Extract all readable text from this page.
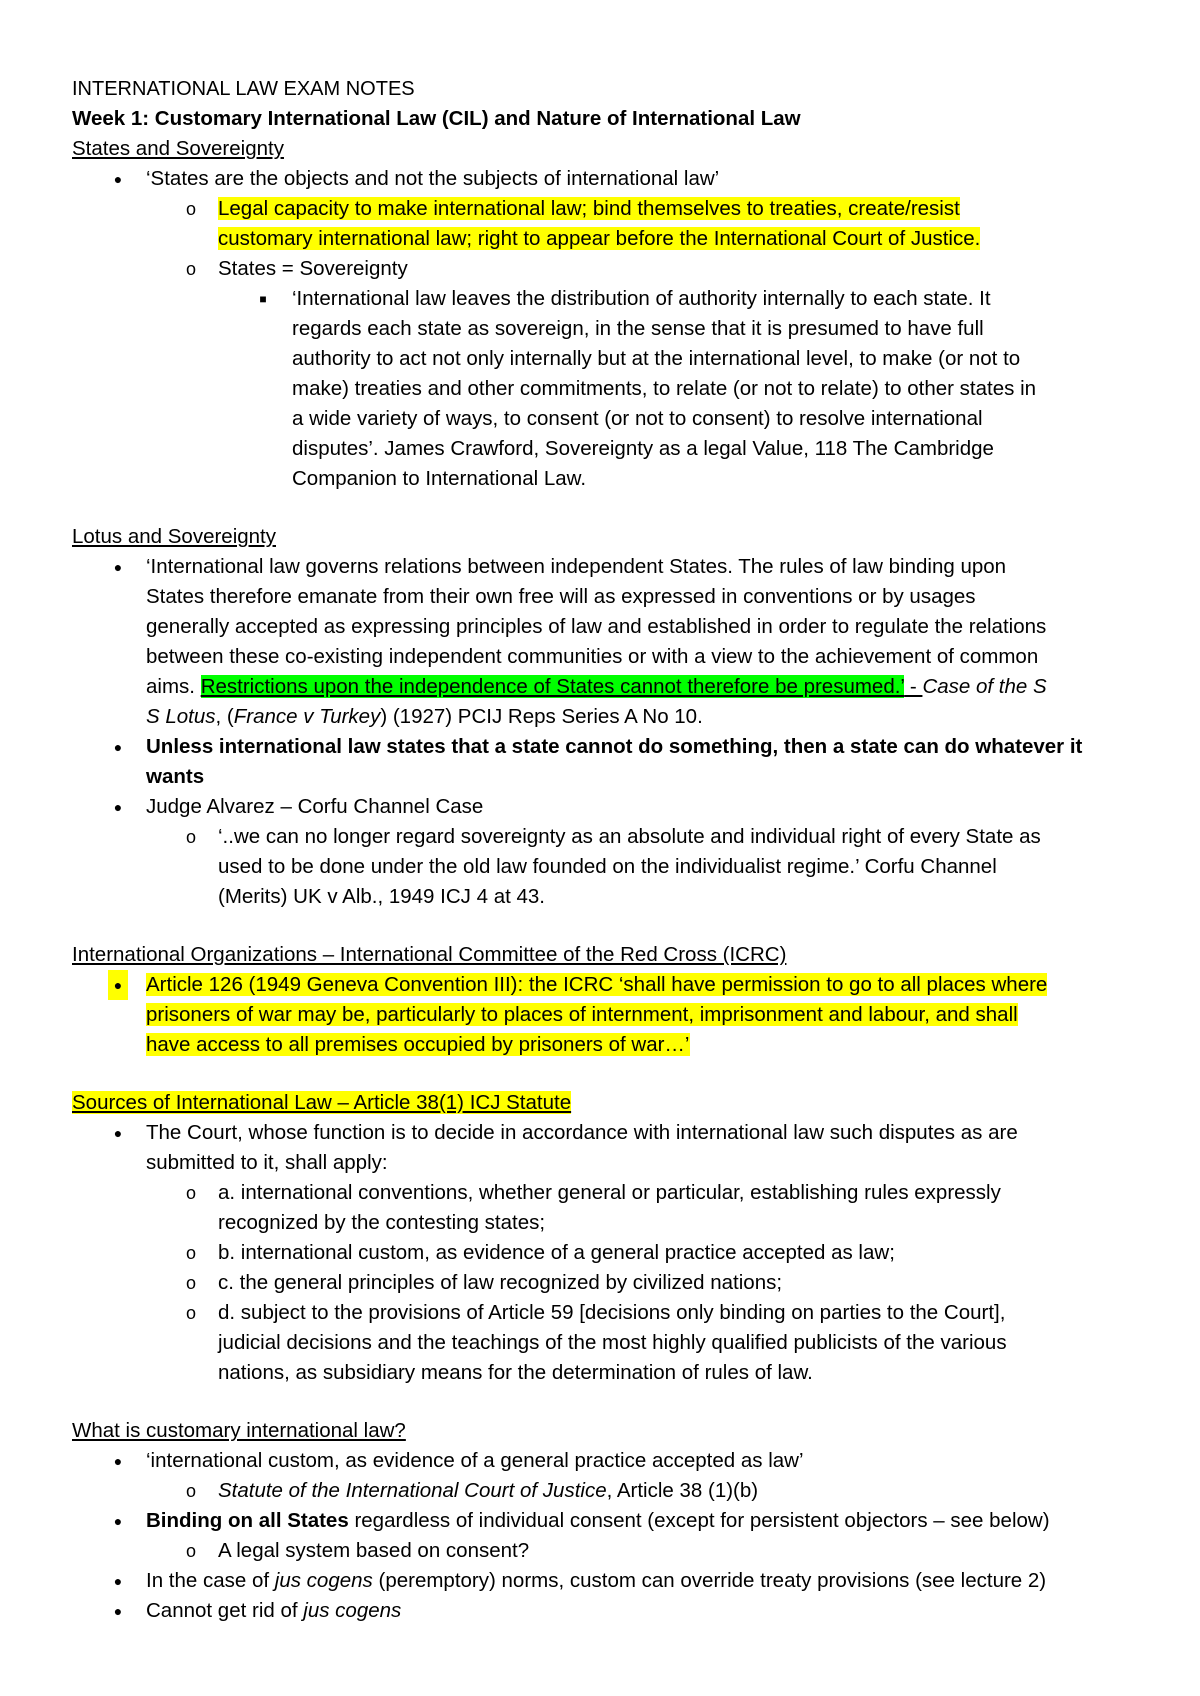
INTERNATIONAL LAW EXAM NOTES
Week 1: Customary International Law (CIL) and Nature of International Law
States and Sovereignty
● ‘States are the objects and not the subjects of international law’
o Legal capacity to make international law; bind themselves to treaties, create/resist
customary international law; right to appear before the International Court of Justice.
o States = Sovereignty
■	‘International law leaves the distribution of authority internally to each state. It
regards each state as sovereign, in the sense that it is presumed to have full
authority to act not only internally but at the international level, to make (or not to
make) treaties and other commitments, to relate (or not to relate) to other states in
a wide variety of ways, to consent (or not to consent) to resolve international
disputes’. James Crawford, Sovereignty as a legal Value, 118 The Cambridge
Companion to International Law.
Lotus and Sovereignty
● ‘International law governs relations between independent States. The rules of law binding upon
States therefore emanate from their own free will as expressed in conventions or by usages
generally accepted as expressing principles of law and established in order to regulate the relations
between these co-existing independent communities or with a view to the achievement of common
aims. Restrictions upon the independence of States cannot therefore be presumed.’ - Case of the S
S Lotus, (France v Turkey) (1927) PCIJ Reps Series A No 10.
● Unless international law states that a state cannot do something, then a state can do whatever it
wants
● Judge Alvarez – Corfu Channel Case
o ‘..we can no longer regard sovereignty as an absolute and individual right of every State as
used to be done under the old law founded on the individualist regime.’ Corfu Channel
(Merits) UK v Alb., 1949 ICJ 4 at 43.
International Organizations – International Committee of the Red Cross (ICRC)
● Article 126 (1949 Geneva Convention III): the ICRC ‘shall have permission to go to all places where
prisoners of war may be, particularly to places of internment, imprisonment and labour, and shall
have access to all premises occupied by prisoners of war…’
Sources of International Law – Article 38(1) ICJ Statute
● The Court, whose function is to decide in accordance with international law such disputes as are
submitted to it, shall apply:
o a. international conventions, whether general or particular, establishing rules expressly
recognized by the contesting states;
o b. international custom, as evidence of a general practice accepted as law;
o c. the general principles of law recognized by civilized nations;
o d. subject to the provisions of Article 59 [decisions only binding on parties to the Court],
judicial decisions and the teachings of the most highly qualified publicists of the various
nations, as subsidiary means for the determination of rules of law.
What is customary international law?
● ‘international custom, as evidence of a general practice accepted as law’
o Statute of the International Court of Justice, Article 38 (1)(b)
● Binding on all States regardless of individual consent (except for persistent objectors – see below)
o A legal system based on consent?
● In the case of jus cogens (peremptory) norms, custom can override treaty provisions (see lecture 2)
● Cannot get rid of jus cogens
